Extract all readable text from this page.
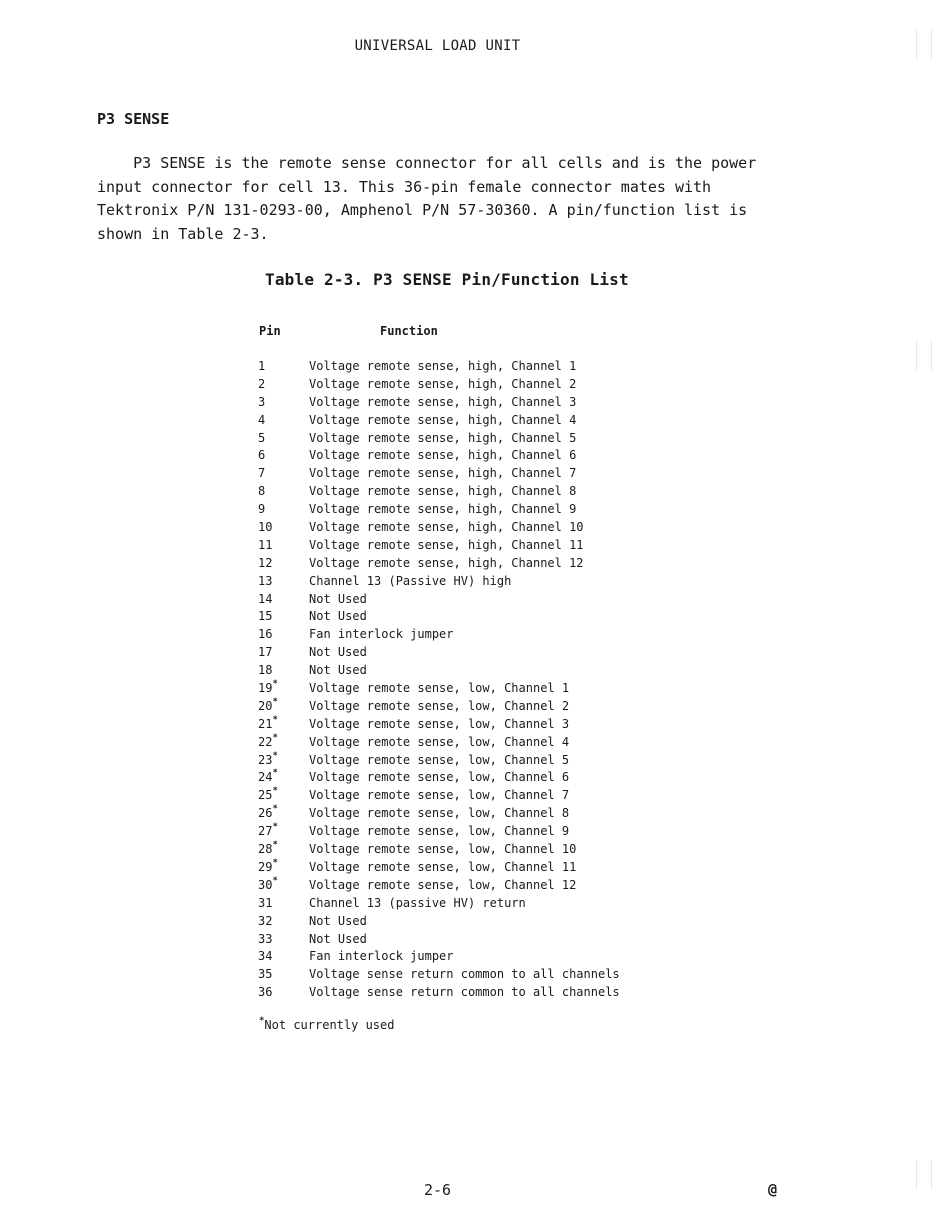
UNIVERSAL LOAD UNIT
P3 SENSE

P3 SENSE is the remote sense connector for all cells and is the power
input connector for cell 13. This 36-pin female connector mates with
Tektronix P/N 131-0293-00, Amphenol P/N 57-30360. A pin/function list is
shown in Table 2-3.

Table 2-3. P3 SENSE Pin/Function List
Pin	Function
1	Voltage remote sense, high, Channel 1
2	Voltage remote sense, high, Channel 2
3	Voltage remote sense, high, Channel 3
4	Voltage remote sense, high, Channel 4
5	Voltage remote sense, high, Channel 5
6	Voltage remote sense, high, Channel 6
7	Voltage remote sense, high, Channel 7
8	Voltage remote sense, high, Channel 8
9	Voltage remote sense, high, Channel 9
10	Voltage remote sense, high, Channel 10
11	Voltage remote sense, high, Channel 11
12	Voltage remote sense, high, Channel 12
13	Channel 13 (Passive HV) high
14	Not Used
15	Not Used
16	Fan interlock jumper
17	Not Used
18	Not Used
19*	Voltage remote sense, low, Channel 1
20*	Voltage remote sense, low, Channel 2
21*	Voltage remote sense, low, Channel 3
22*	Voltage remote sense, low, Channel 4
23*	Voltage remote sense, low, Channel 5
24*	Voltage remote sense, low, Channel 6
25*	Voltage remote sense, low, Channel 7
26*	Voltage remote sense, low, Channel 8
27*	Voltage remote sense, low, Channel 9
28*	Voltage remote sense, low, Channel 10
29*	Voltage remote sense, low, Channel 11
30*	Voltage remote sense, low, Channel 12
31	Channel 13 (passive HV) return
32	Not Used
33	Not Used
34	Fan interlock jumper
35	Voltage sense return common to all channels
36	Voltage sense return common to all channels
*Not currently used
2-6	@
